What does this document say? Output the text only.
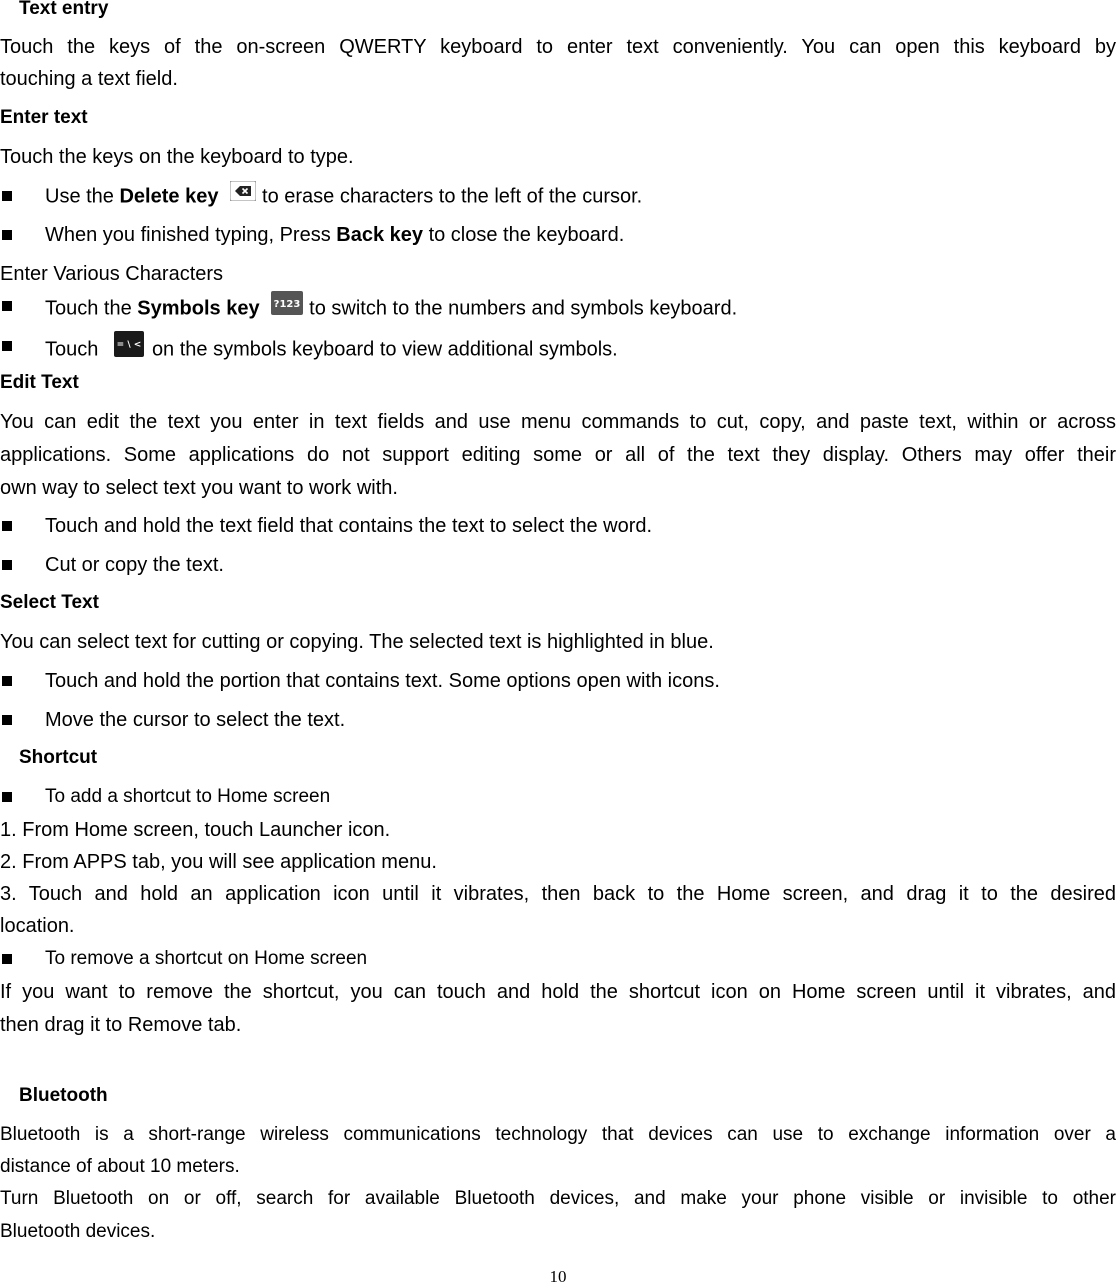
Text entry
Touch the keys of the on-screen QWERTY keyboard to enter text conveniently. You can open this keyboard by
touching a text field.
Enter text
Touch the keys on the keyboard to type.
Use the Delete key to erase characters to the left of the cursor.
When you finished typing, Press Back key to close the keyboard.
Enter Various Characters
Touch the Symbols key ?123 to switch to the numbers and symbols keyboard.
Touch = \ < on the symbols keyboard to view additional symbols.
Edit Text
You can edit the text you enter in text fields and use menu commands to cut, copy, and paste text, within or across
applications. Some applications do not support editing some or all of the text they display. Others may offer their
own way to select text you want to work with.
Touch and hold the text field that contains the text to select the word.
Cut or copy the text.
Select Text
You can select text for cutting or copying. The selected text is highlighted in blue.
Touch and hold the portion that contains text. Some options open with icons.
Move the cursor to select the text.
Shortcut
To add a shortcut to Home screen
1. From Home screen, touch Launcher icon.
2. From APPS tab, you will see application menu.
3. Touch and hold an application icon until it vibrates, then back to the Home screen, and drag it to the desired
location.
To remove a shortcut on Home screen
If you want to remove the shortcut, you can touch and hold the shortcut icon on Home screen until it vibrates, and
then drag it to Remove tab.
Bluetooth
Bluetooth is a short-range wireless communications technology that devices can use to exchange information over a
distance of about 10 meters.
Turn Bluetooth on or off, search for available Bluetooth devices, and make your phone visible or invisible to other
Bluetooth devices.
10
